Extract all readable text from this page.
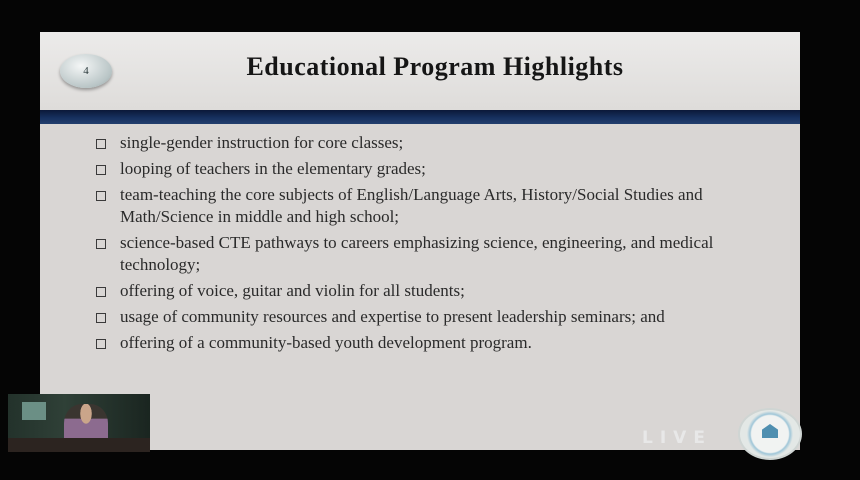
4	Educational Program Highlights
single-gender instruction for core classes;
looping of teachers in the elementary grades;
team-teaching the core subjects of English/Language Arts, History/Social Studies and Math/Science in middle and high school;
science-based CTE pathways to careers emphasizing science, engineering, and medical technology;
offering of voice, guitar and violin for all students;
usage of community resources and expertise to present leadership seminars; and
offering of a community-based youth development program.
LIVE
